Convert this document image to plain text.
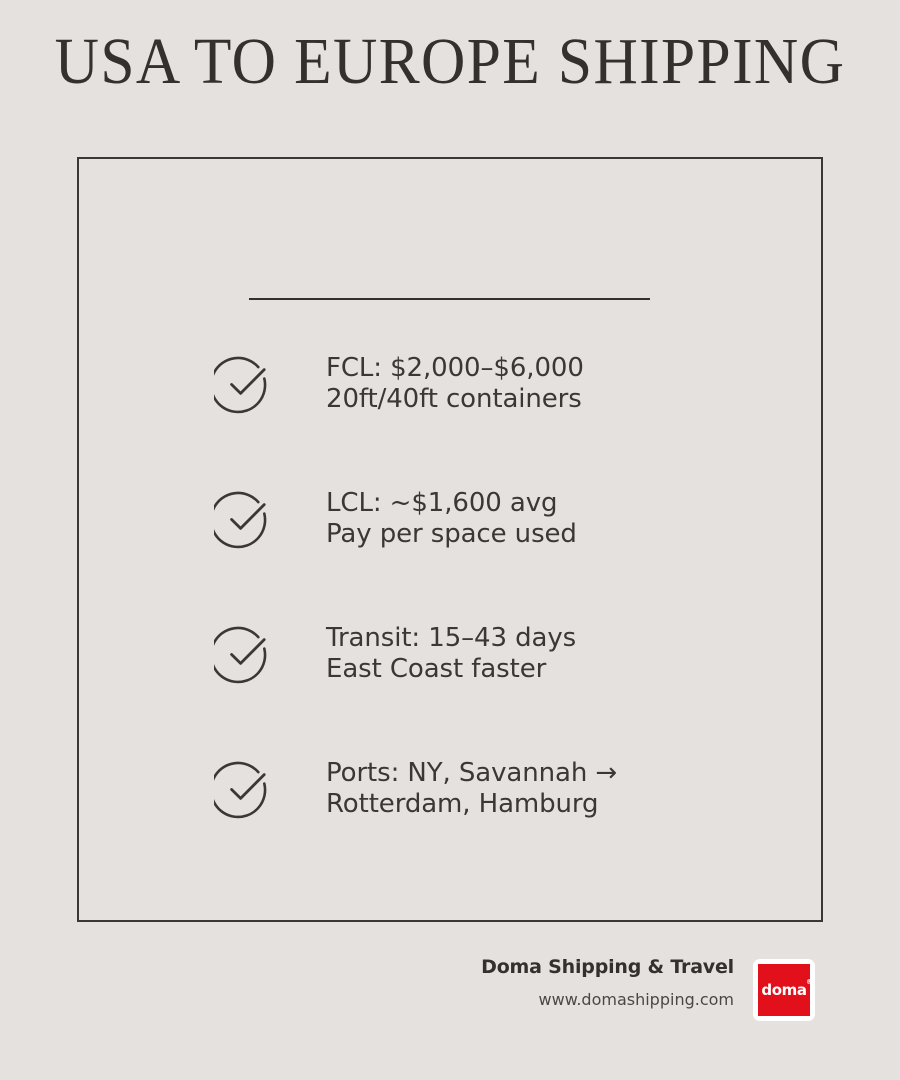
USA TO EUROPE SHIPPING
FCL: $2,000–$6,000
20ft/40ft containers
LCL: ~$1,600 avg
Pay per space used
Transit: 15–43 days
East Coast faster
Ports: NY, Savannah →
Rotterdam, Hamburg
Doma Shipping & Travel
www.domashipping.com
doma ®
